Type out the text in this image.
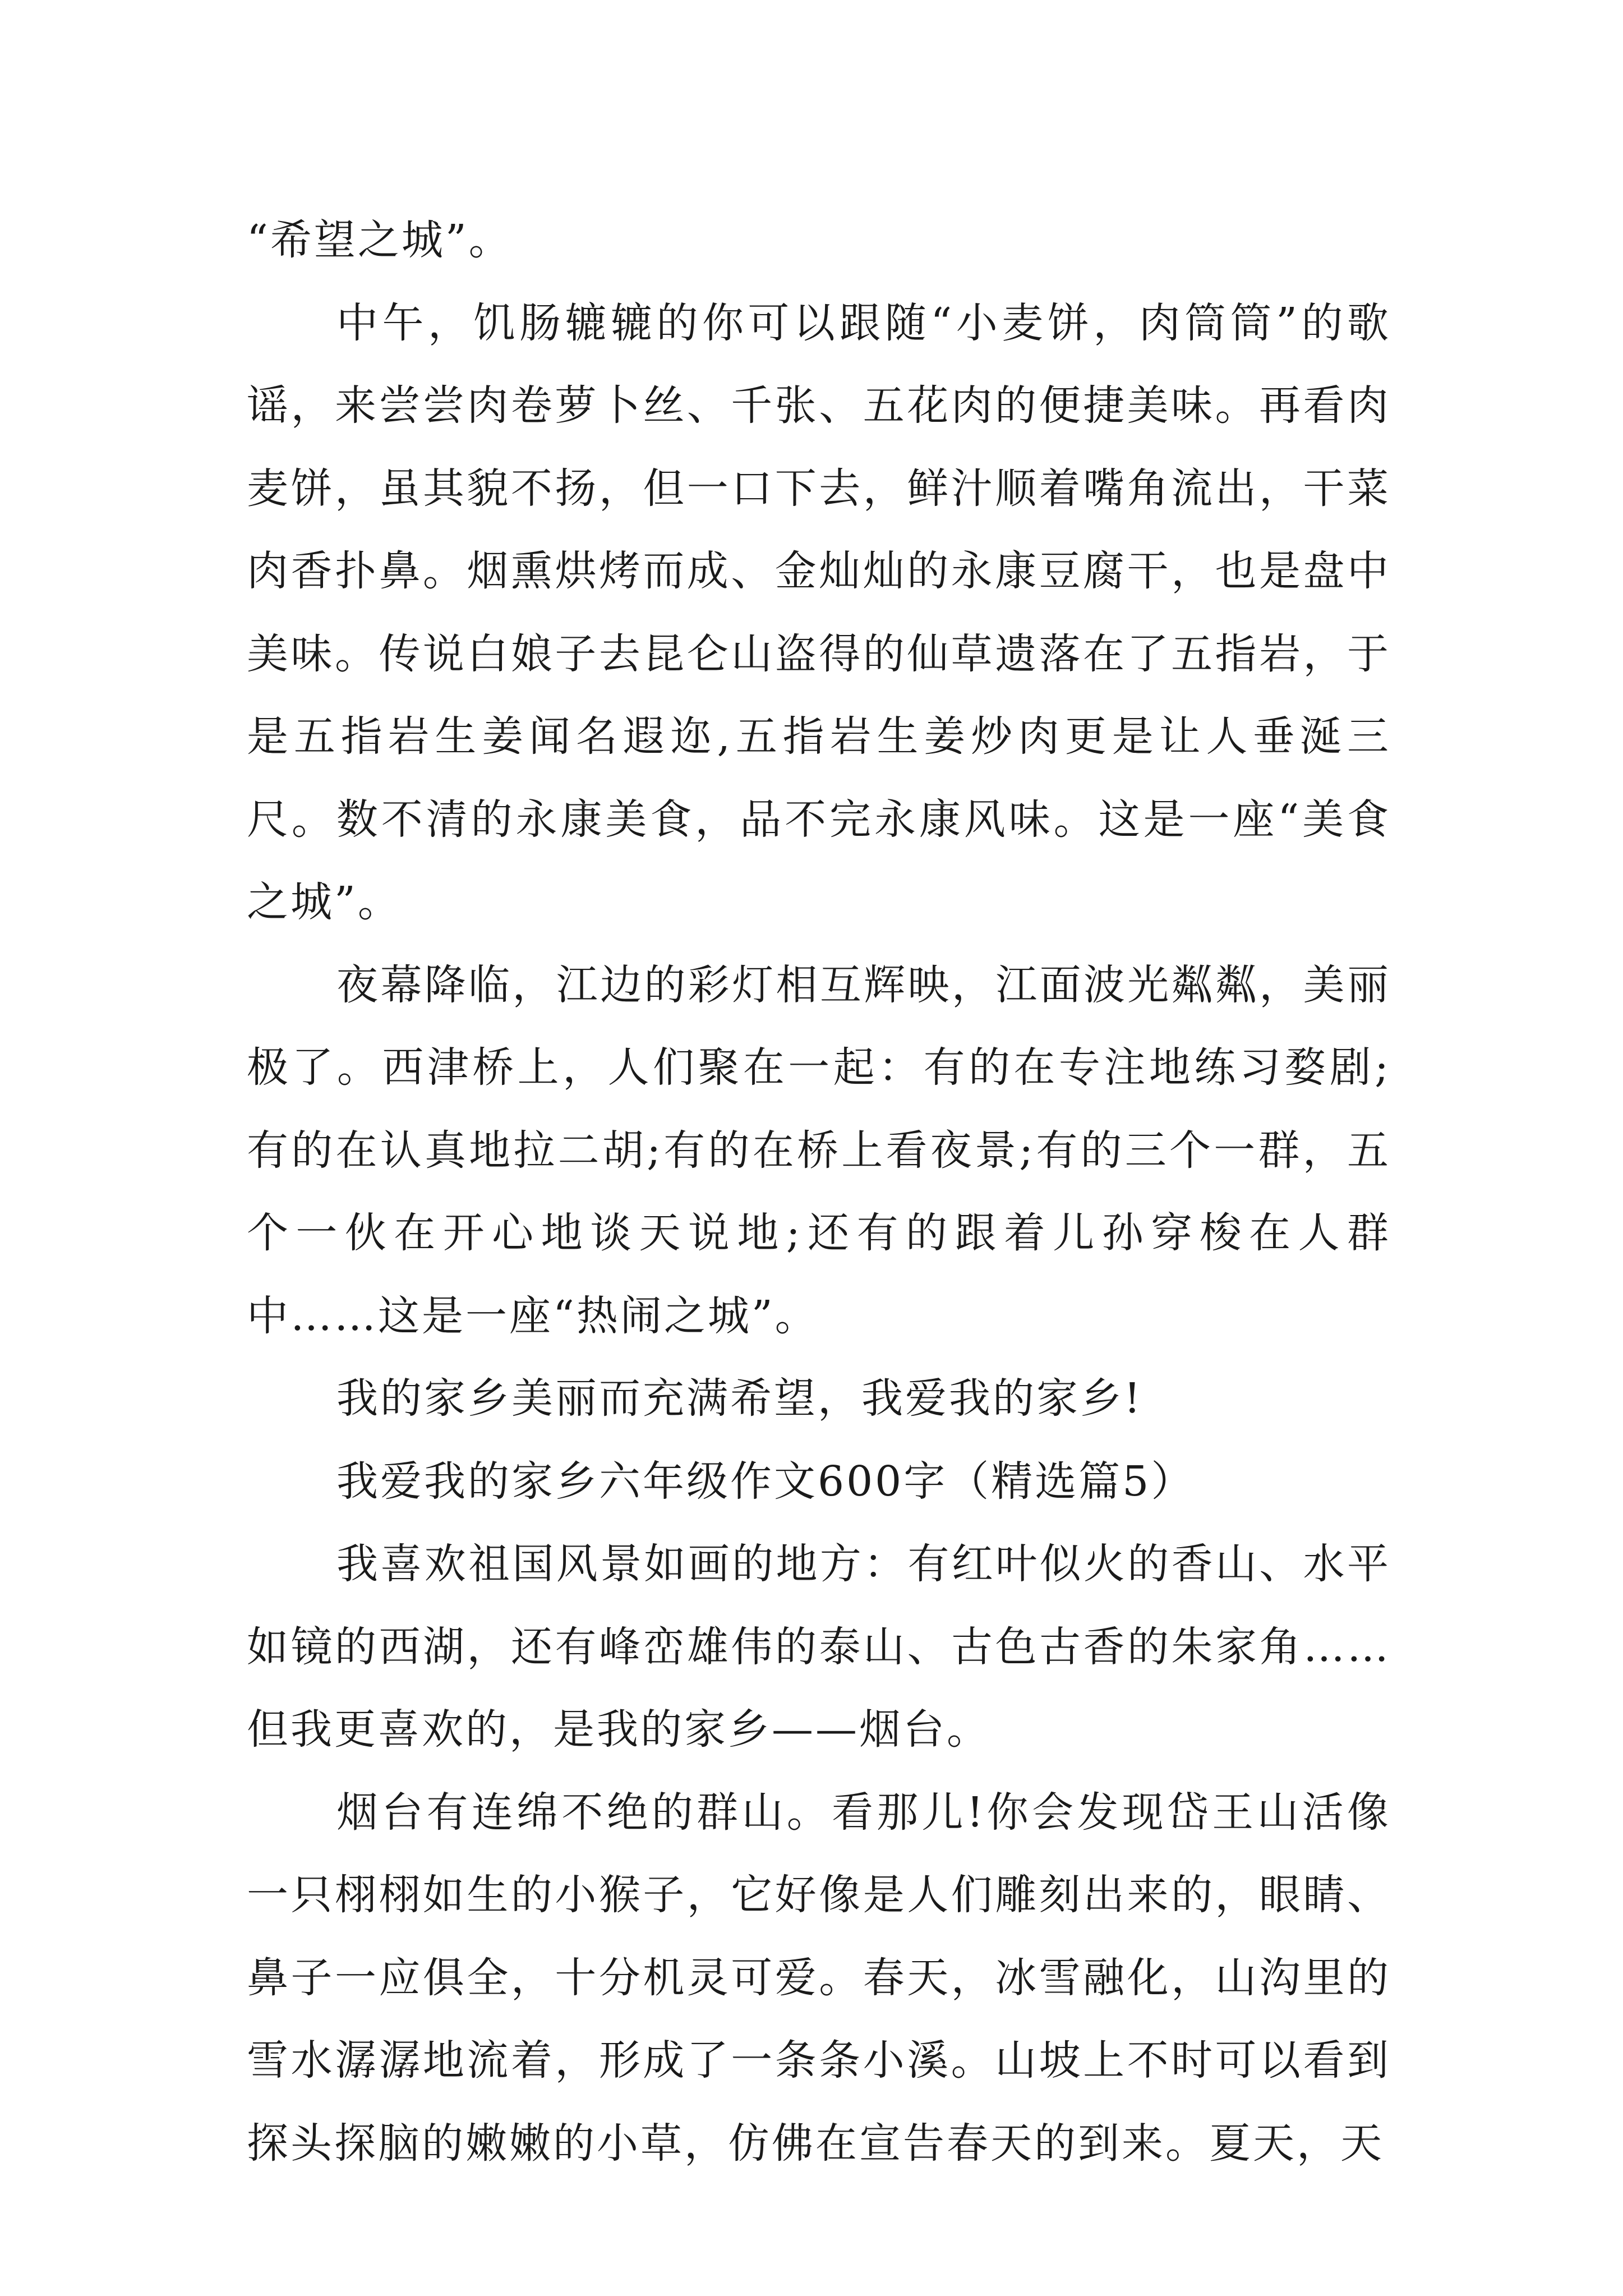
“希望之城”。

中午，饥肠辘辘的你可以跟随“小麦饼，肉筒筒”的歌谣，来尝尝肉卷萝卜丝、千张、五花肉的便捷美味。再看肉麦饼，虽其貌不扬，但一口下去，鲜汁顺着嘴角流出，干菜肉香扑鼻。烟熏烘烤而成、金灿灿的永康豆腐干，也是盘中美味。传说白娘子去昆仑山盗得的仙草遗落在了五指岩，于是五指岩生姜闻名遐迩,五指岩生姜炒肉更是让人垂涎三尺。数不清的永康美食，品不完永康风味。这是一座“美食之城”。

夜幕降临，江边的彩灯相互辉映，江面波光粼粼，美丽极了。西津桥上，人们聚在一起：有的在专注地练习婺剧;有的在认真地拉二胡;有的在桥上看夜景;有的三个一群，五个一伙在开心地谈天说地;还有的跟着儿孙穿梭在人群中……这是一座“热闹之城”。

我的家乡美丽而充满希望，我爱我的家乡!

我爱我的家乡六年级作文600字（精选篇5）

我喜欢祖国风景如画的地方：有红叶似火的香山、水平如镜的西湖，还有峰峦雄伟的泰山、古色古香的朱家角……但我更喜欢的，是我的家乡——烟台。

烟台有连绵不绝的群山。看那儿!你会发现岱王山活像一只栩栩如生的小猴子，它好像是人们雕刻出来的，眼睛、鼻子一应俱全，十分机灵可爱。春天，冰雪融化，山沟里的雪水潺潺地流着，形成了一条条小溪。山坡上不时可以看到探头探脑的嫩嫩的小草，仿佛在宣告春天的到来。夏天，天
